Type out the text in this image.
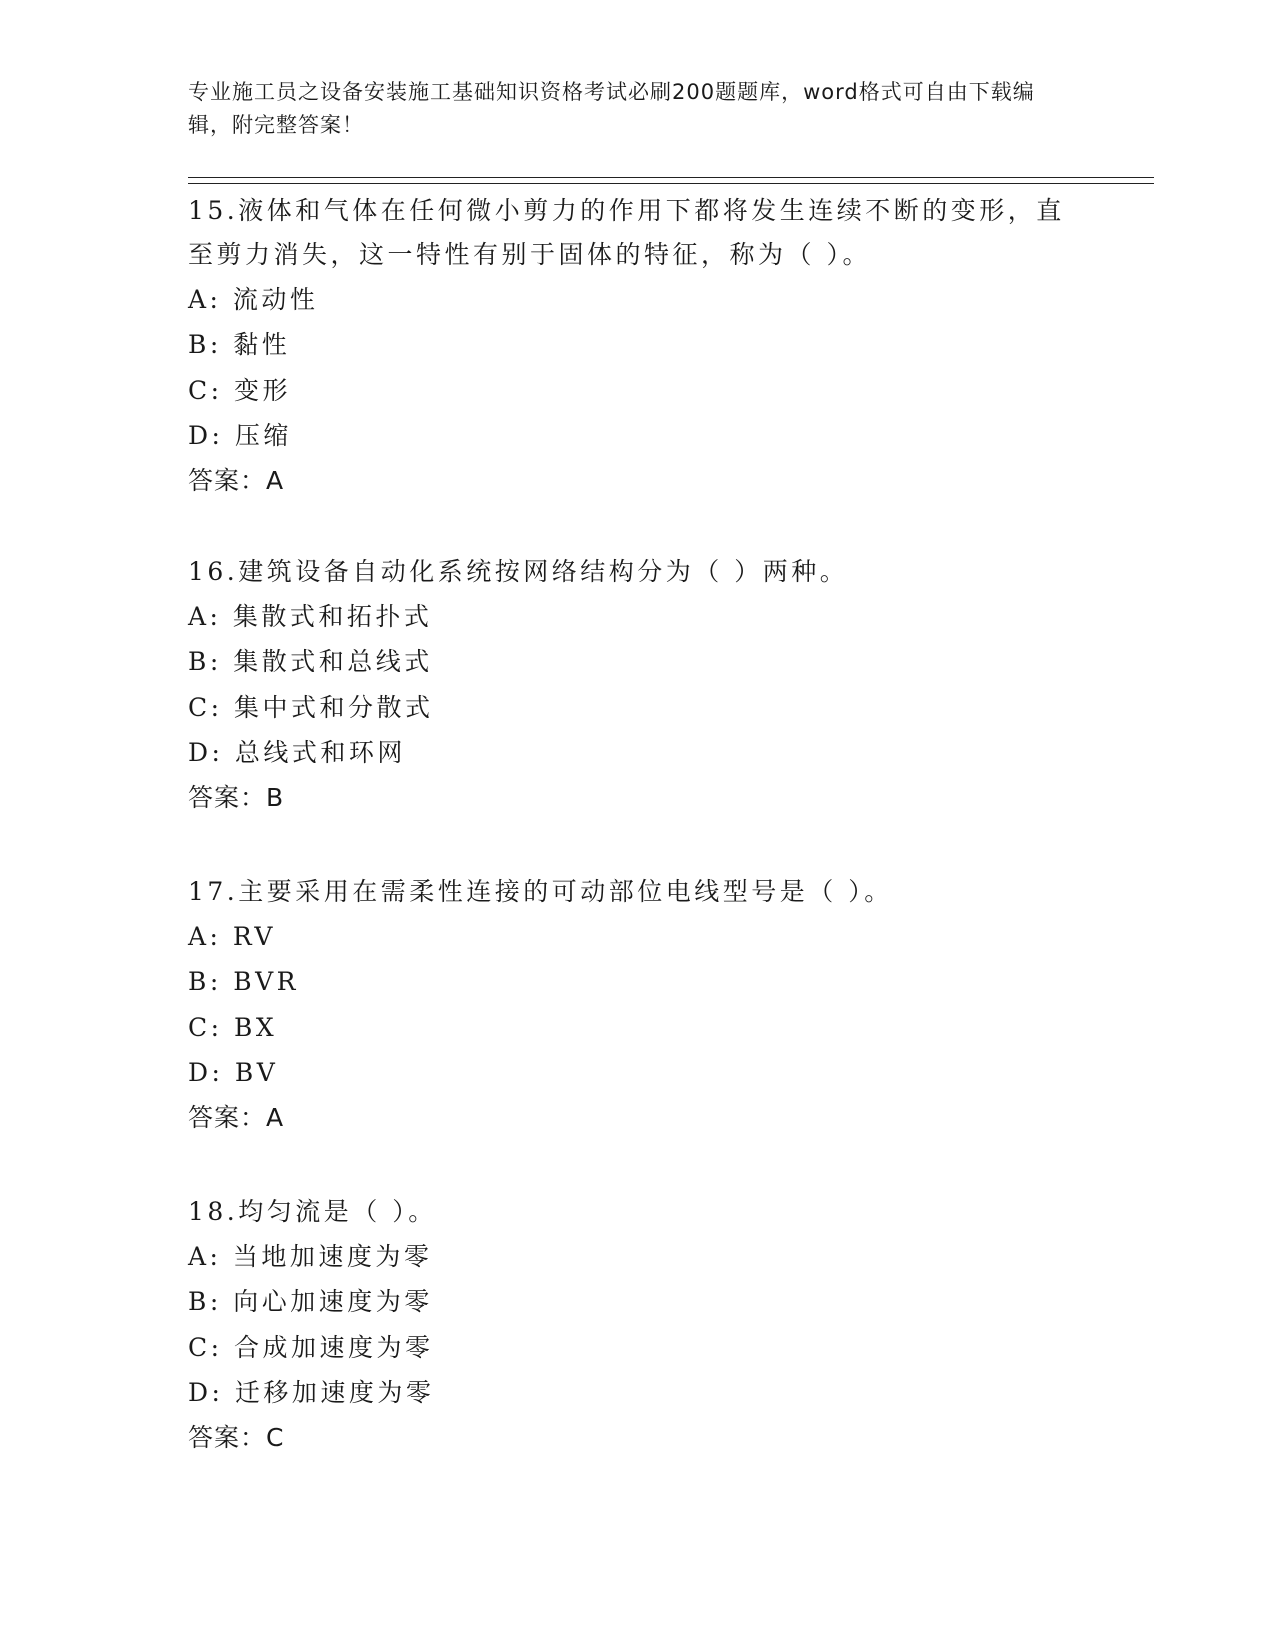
专业施工员之设备安装施工基础知识资格考试必刷200题题库，word格式可自由下载编辑，附完整答案！

15.液体和气体在任何微小剪力的作用下都将发生连续不断的变形，直至剪力消失，这一特性有别于固体的特征，称为（ ）。

A: 流动性
B: 黏性
C: 变形
D: 压缩

答案：A

16.建筑设备自动化系统按网络结构分为（ ）两种。

A: 集散式和拓扑式
B: 集散式和总线式
C: 集中式和分散式
D: 总线式和环网

答案：B

17.主要采用在需柔性连接的可动部位电线型号是（ ）。

A: RV
B: BVR
C: BX
D: BV

答案：A

18.均匀流是（ ）。

A: 当地加速度为零
B: 向心加速度为零
C: 合成加速度为零
D: 迁移加速度为零

答案：C
